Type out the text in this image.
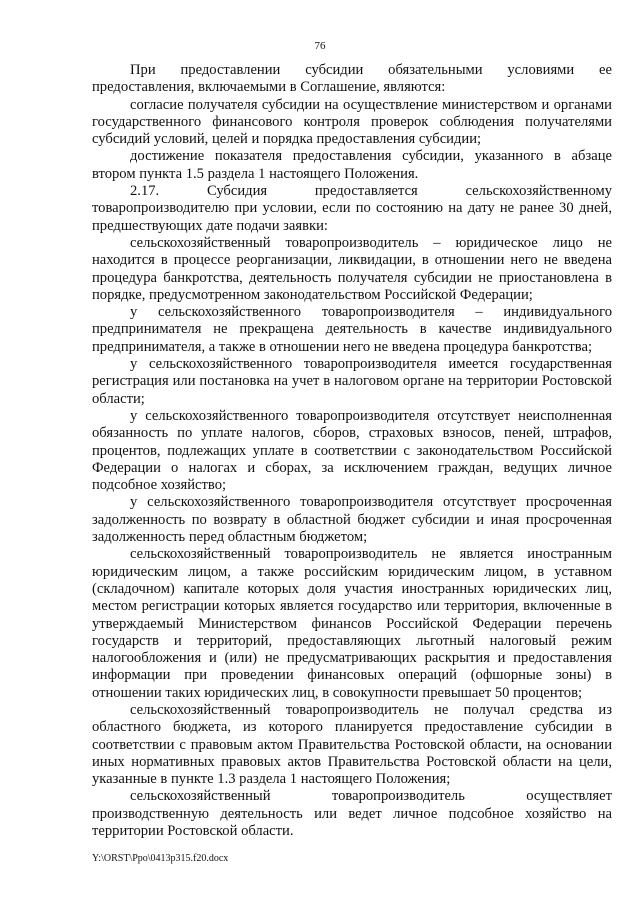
76

При предоставлении субсидии обязательными условиями ее предоставления, включаемыми в Соглашение, являются:

согласие получателя субсидии на осуществление министерством и органами государственного финансового контроля проверок соблюдения получателями субсидий условий, целей и порядка предоставления субсидии;

достижение показателя предоставления субсидии, указанного в абзаце втором пункта 1.5 раздела 1 настоящего Положения.

2.17. Субсидия предоставляется сельскохозяйственному товаропроизводителю при условии, если по состоянию на дату не ранее 30 дней, предшествующих дате подачи заявки:

сельскохозяйственный товаропроизводитель – юридическое лицо не находится в процессе реорганизации, ликвидации, в отношении него не введена процедура банкротства, деятельность получателя субсидии не приостановлена в порядке, предусмотренном законодательством Российской Федерации;

у сельскохозяйственного товаропроизводителя – индивидуального предпринимателя не прекращена деятельность в качестве индивидуального предпринимателя, а также в отношении него не введена процедура банкротства;

у сельскохозяйственного товаропроизводителя имеется государственная регистрация или постановка на учет в налоговом органе на территории Ростовской области;

у сельскохозяйственного товаропроизводителя отсутствует неисполненная обязанность по уплате налогов, сборов, страховых взносов, пеней, штрафов, процентов, подлежащих уплате в соответствии с законодательством Российской Федерации о налогах и сборах, за исключением граждан, ведущих личное подсобное хозяйство;

у сельскохозяйственного товаропроизводителя отсутствует просроченная задолженность по возврату в областной бюджет субсидии и иная просроченная задолженность перед областным бюджетом;

сельскохозяйственный товаропроизводитель не является иностранным юридическим лицом, а также российским юридическим лицом, в уставном (складочном) капитале которых доля участия иностранных юридических лиц, местом регистрации которых является государство или территория, включенные в утверждаемый Министерством финансов Российской Федерации перечень государств и территорий, предоставляющих льготный налоговый режим налогообложения и (или) не предусматривающих раскрытия и предоставления информации при проведении финансовых операций (офшорные зоны) в отношении таких юридических лиц, в совокупности превышает 50 процентов;

сельскохозяйственный товаропроизводитель не получал средства из областного бюджета, из которого планируется предоставление субсидии в соответствии с правовым актом Правительства Ростовской области, на основании иных нормативных правовых актов Правительства Ростовской области на цели, указанные в пункте 1.3 раздела 1 настоящего Положения;

сельскохозяйственный товаропроизводитель осуществляет производственную деятельность или ведет личное подсобное хозяйство на территории Ростовской области.

Y:\ORST\Ppo\0413p315.f20.docx
